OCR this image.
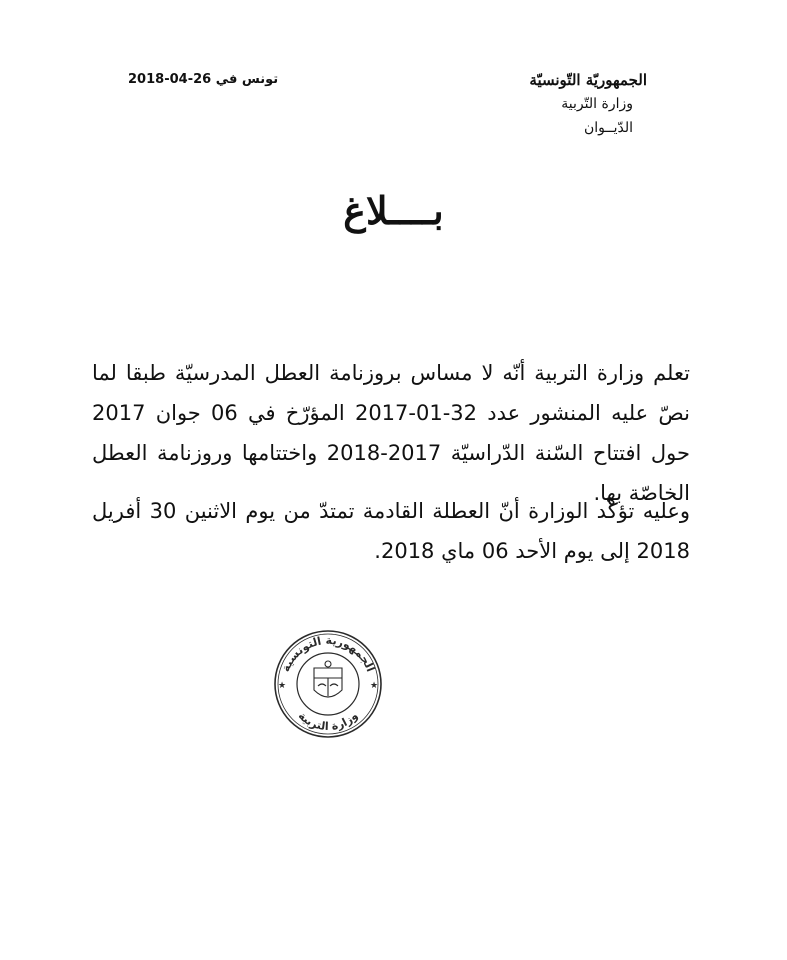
الجمهوريّة التّونسيّة
وزارة التّربية
الدّيــوان
تونس في 26-04-2018
بــــلاغ

تعلم وزارة التربية أنّه لا مساس بروزنامة العطل المدرسيّة طبقا لما نصّ عليه المنشور عدد 32-01-2017 المؤرّخ في 06 جوان 2017 حول افتتاح السّنة الدّراسيّة 2017-2018 واختتامها وروزنامة العطل الخاصّة بها.

وعليه تؤكّد الوزارة أنّ العطلة القادمة تمتدّ من يوم الاثنين 30 أفريل 2018 إلى يوم الأحد 06 ماي 2018.

الجمهورية التونسية
وزارة التربية
★	★
